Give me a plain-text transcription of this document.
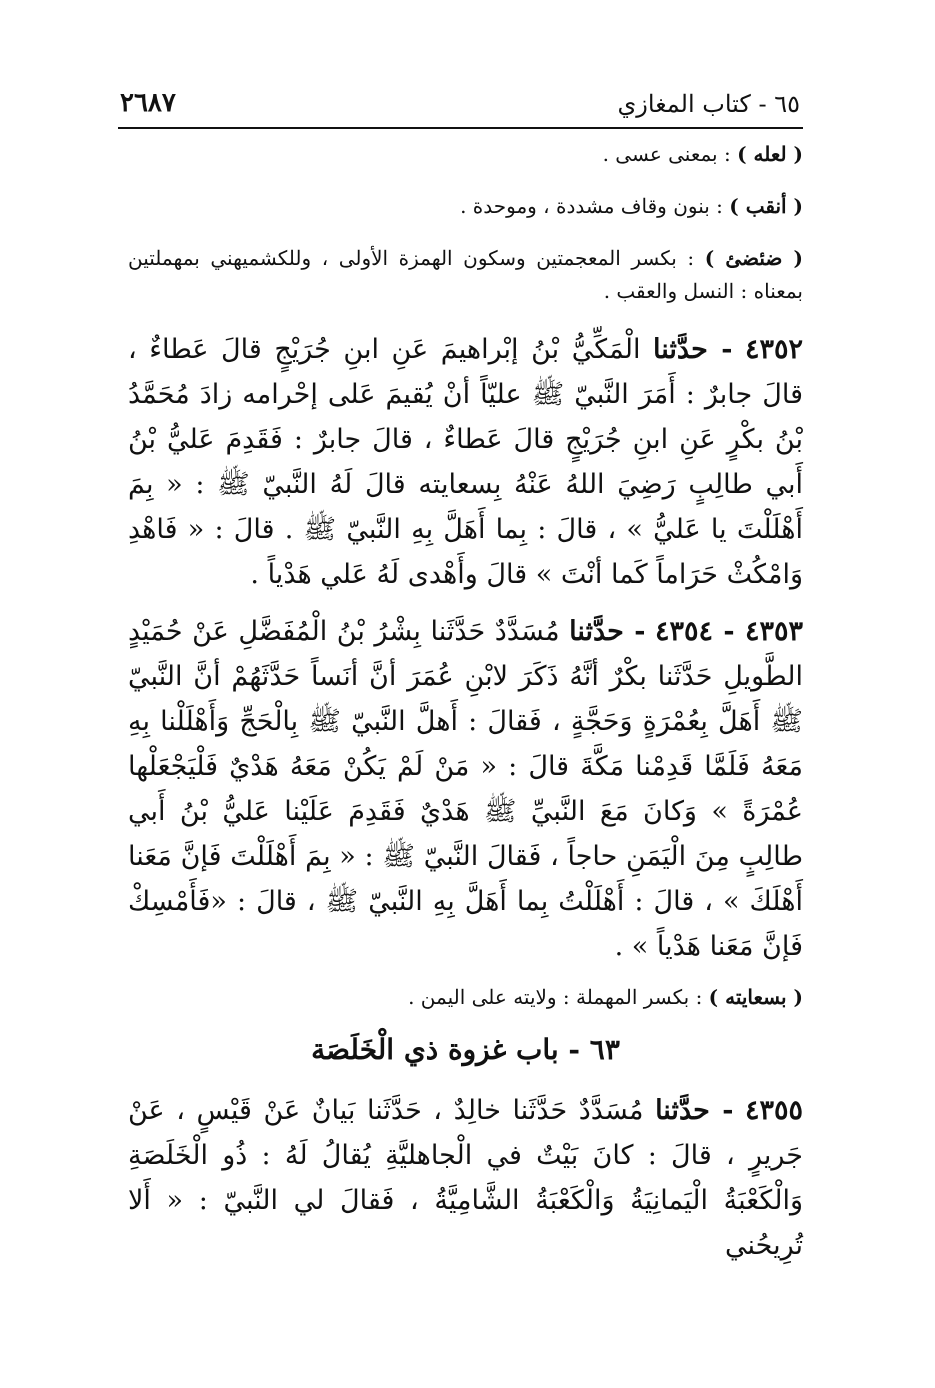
٦٥ - كتاب المغازي
٢٦٨٧

( لعله ) : بمعنى عسى .

( أنقب ) : بنون وقاف مشددة ، وموحدة .

( ضئضئ ) : بكسر المعجمتين وسكون الهمزة الأولى ، وللكشميهني بمهملتين بمعناه : النسل والعقب .

٤٣٥٢ - حدَّثنا الْمَكِّيُّ بْنُ إبْراهيمَ عَنِ ابنِ جُرَيْجٍ قالَ عَطاءٌ ، قالَ جابرٌ : أَمَرَ النَّبيّ ﷺ عليّاً أنْ يُقيمَ عَلى إحْرامه زادَ مُحَمَّدُ بْنُ بكْرٍ عَنِ ابنِ جُرَيْجٍ قالَ عَطاءٌ ، قالَ جابرٌ : فَقَدِمَ عَليُّ بْنُ أَبي طالِبٍ رَضِيَ اللهُ عَنْهُ بِسعايته قالَ لَهُ النَّبيّ ﷺ : « بِمَ أَهْلَلْتَ يا عَليُّ » ، قالَ : بِما أَهَلَّ بِهِ النَّبيّ ﷺ . قالَ : « فَاهْدِ وَامْكُثْ حَرَاماً كَما أنْتَ » قالَ وأَهْدى لَهُ عَلي هَدْياً .

٤٣٥٣ - ٤٣٥٤ - حدَّثنا مُسَدَّدٌ حَدَّثَنا بِشْرُ بْنُ الْمُفَضَّلِ عَنْ حُمَيْدٍ الطَّويلِ حَدَّثَنا بكْرٌ أنَّهُ ذَكَرَ لابْنِ عُمَرَ أنَّ أنَساً حَدَّثَهُمْ أنَّ النَّبيّ ﷺ أَهَلَّ بِعُمْرَةٍ وَحَجَّةٍ ، فَقالَ : أَهلَّ النَّبيّ ﷺ بِالْحَجِّ وَأَهْلَلْنا بِهِ مَعَهُ فَلَمَّا قَدِمْنا مَكَّةَ قالَ : « مَنْ لَمْ يَكُنْ مَعَهُ هَدْيٌ فَلْيَجْعَلْها عُمْرَةً » وَكانَ مَعَ النَّبيِّ ﷺ هَدْيٌ فَقَدِمَ عَلَيْنا عَليُّ بْنُ أَبي طالِبٍ مِنَ الْيَمَنِ حاجاً ، فَقالَ النَّبيّ ﷺ : « بِمَ أَهْلَلْتَ فَإنَّ مَعَنا أَهْلَكَ » ، قالَ : أَهْلَلْتُ بِما أَهَلَّ بِهِ النَّبيّ ﷺ ، قالَ : «فَأَمْسِكْ فَإنَّ مَعَنا هَدْياً » .

( بسعايته ) : بكسر المهملة : ولايته على اليمن .

٦٣ - باب غزوة ذي الْخَلَصَة

٤٣٥٥ - حدَّثنا مُسَدَّدٌ حَدَّثَنا خالِدٌ ، حَدَّثَنا بَيانٌ عَنْ قَيْسٍ ، عَنْ جَريرٍ ، قالَ : كانَ بَيْتٌ في الْجاهليَّةِ يُقالُ لَهُ : ذُو الْخَلَصَةِ وَالْكَعْبَةُ الْيَمانِيَةُ وَالْكَعْبَةُ الشَّامِيَّةُ ، فَقالَ لي النَّبيّ : « أَلا تُرِيحُني
